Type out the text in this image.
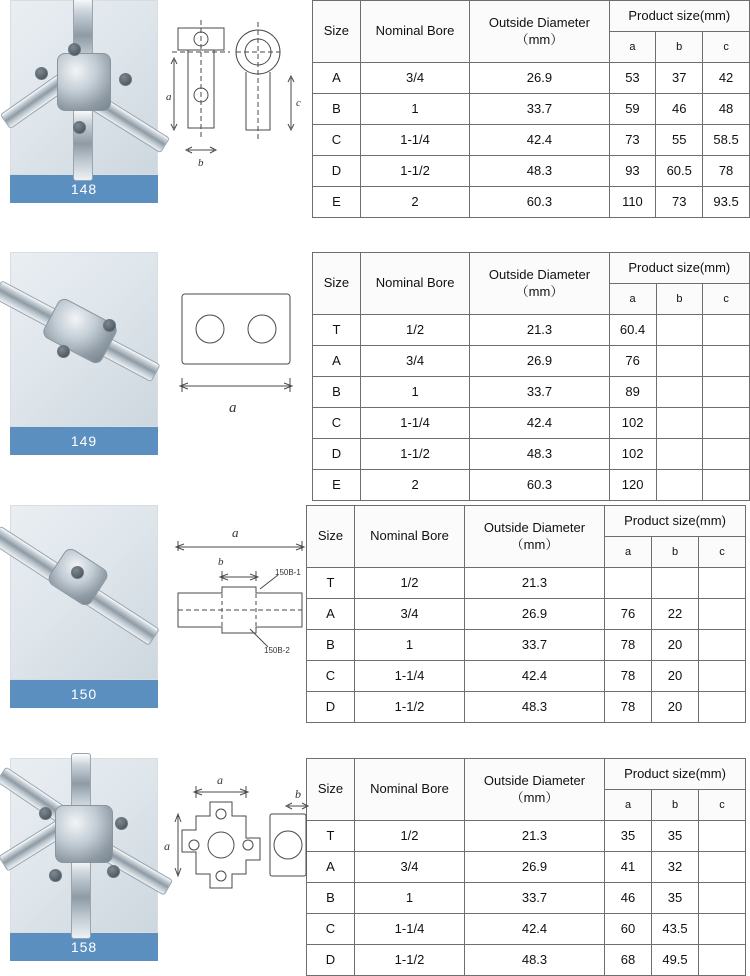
148
a
b
c
Size	Nominal Bore	Outside Diameter
（mm）	Product size(mm)		
			a	b	c
A	3/4	26.9	53	37	42
B	1	33.7	59	46	48
C	1-1/4	42.4	73	55	58.5
D	1-1/2	48.3	93	60.5	78
E	2	60.3	110	73	93.5
149
a
Size	Nominal Bore	Outside Diameter
（mm）	Product size(mm)		
			a	b	c
T	1/2	21.3	60.4		
A	3/4	26.9	76		
B	1	33.7	89		
C	1-1/4	42.4	102		
D	1-1/2	48.3	102		
E	2	60.3	120		
150
b
a
150B-1
150B-2
Size	Nominal Bore	Outside Diameter
（mm）	Product size(mm)		
			a	b	c
T	1/2	21.3			
A	3/4	26.9	76	22	
B	1	33.7	78	20	
C	1-1/4	42.4	78	20	
D	1-1/2	48.3	78	20	
158
a
a
b Size	Nominal Bore	Outside Diameter
（mm）	Product size(mm)		
			a	b	c
T	1/2	21.3	35	35	
A	3/4	26.9	41	32	
B	1	33.7	46	35	
C	1-1/4	42.4	60	43.5	
D	1-1/2	48.3	68	49.5	
